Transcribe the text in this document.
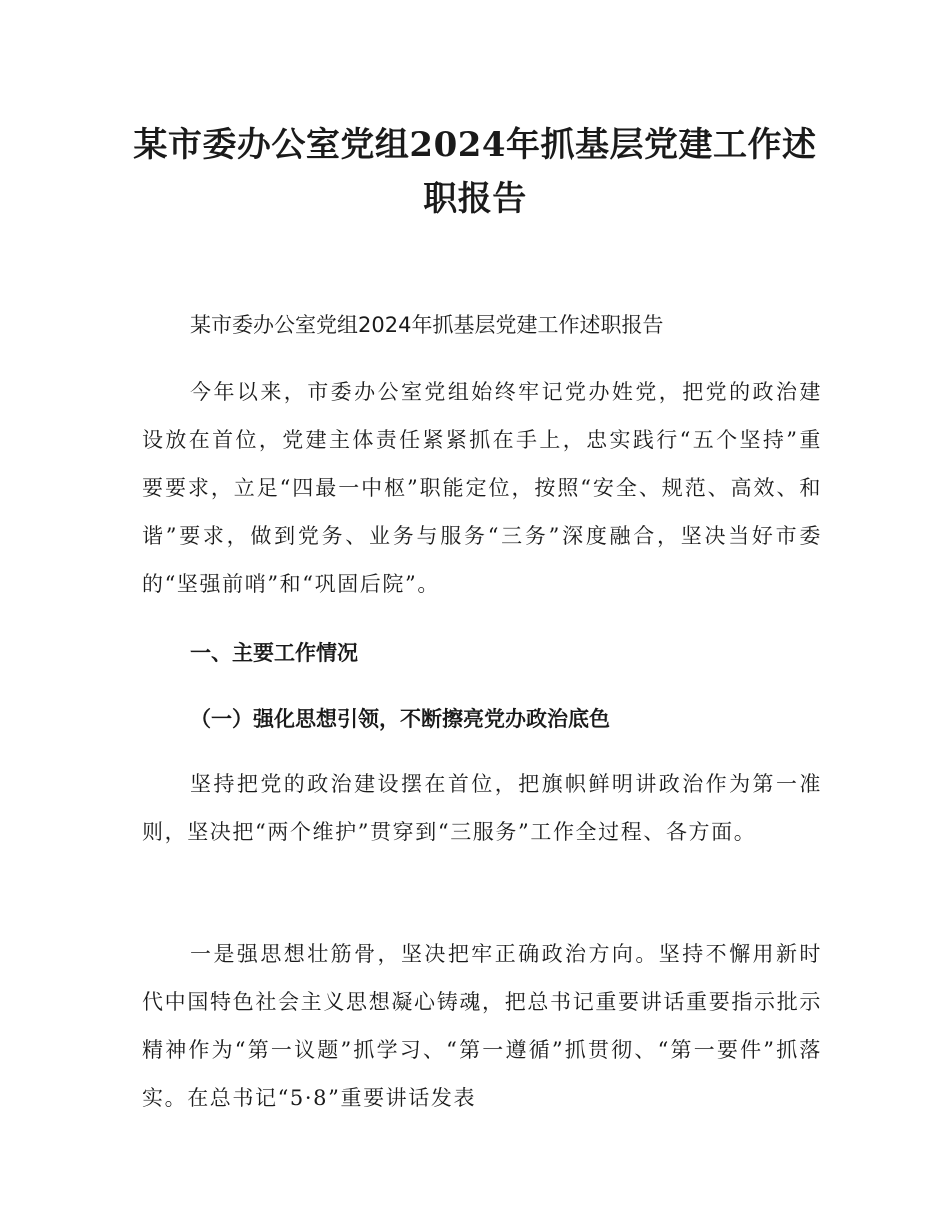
某市委办公室党组2024年抓基层党建工作述职报告

某市委办公室党组2024年抓基层党建工作述职报告

今年以来，市委办公室党组始终牢记党办姓党，把党的政治建设放在首位，党建主体责任紧紧抓在手上，忠实践行“五个坚持”重要要求，立足“四最一中枢”职能定位，按照“安全、规范、高效、和谐”要求，做到党务、业务与服务“三务”深度融合，坚决当好市委的“坚强前哨”和“巩固后院”。

一、主要工作情况

（一）强化思想引领，不断擦亮党办政治底色

坚持把党的政治建设摆在首位，把旗帜鲜明讲政治作为第一准则，坚决把“两个维护”贯穿到“三服务”工作全过程、各方面。

一是强思想壮筋骨，坚决把牢正确政治方向。坚持不懈用新时代中国特色社会主义思想凝心铸魂，把总书记重要讲话重要指示批示精神作为“第一议题”抓学习、“第一遵循”抓贯彻、“第一要件”抓落实。在总书记“5·8”重要讲话发表
